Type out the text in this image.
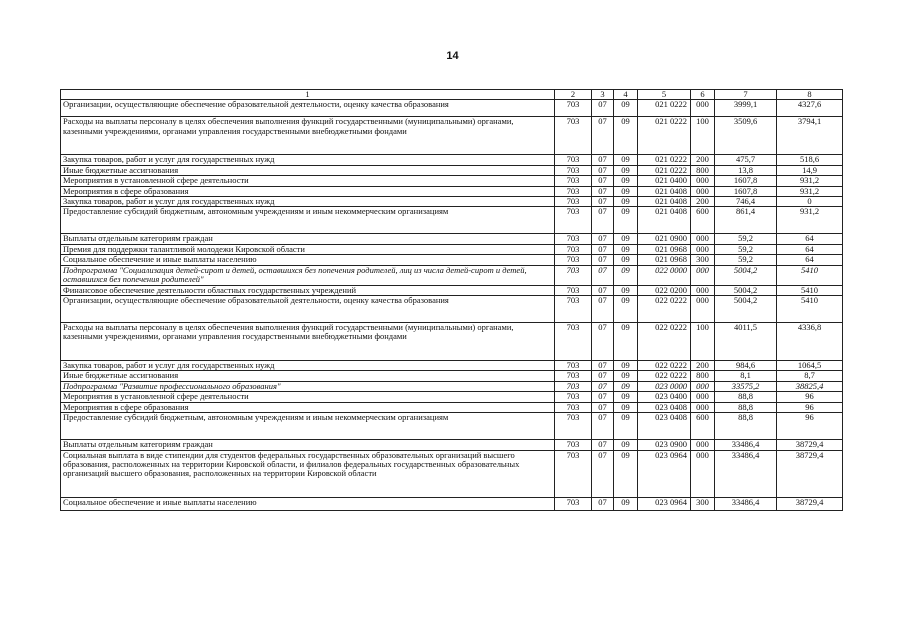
14
1	2	3	4	5	6	7	8
Организации, осуществляющие обеспечение образовательной деятельности, оценку качества образования	703	07	09	021 0222	000	3999,1	4327,6
Расходы на выплаты персоналу в целях обеспечения выполнения функций государственными (муниципальными) органами, казенными учреждениями, органами управления государственными внебюджетными фондами	703	07	09	021 0222	100	3509,6	3794,1
Закупка товаров, работ и услуг для государственных нужд	703	07	09	021 0222	200	475,7	518,6
Иные бюджетные ассигнования	703	07	09	021 0222	800	13,8	14,9
Мероприятия в установленной сфере деятельности	703	07	09	021 0400	000	1607,8	931,2
Мероприятия в сфере образования	703	07	09	021 0408	000	1607,8	931,2
Закупка товаров, работ и услуг для государственных нужд	703	07	09	021 0408	200	746,4	0
Предоставление субсидий бюджетным, автономным учреждениям и иным некоммерческим организациям	703	07	09	021 0408	600	861,4	931,2
Выплаты отдельным категориям граждан	703	07	09	021 0900	000	59,2	64
Премия для поддержки талантливой молодежи Кировской области	703	07	09	021 0968	000	59,2	64
Социальное обеспечение и иные выплаты населению	703	07	09	021 0968	300	59,2	64
Подпрограмма "Социализация детей-сирот и детей, оставшихся без попечения родителей, лиц из числа детей-сирот и детей, оставшихся без попечения родителей"	703	07	09	022 0000	000	5004,2	5410
Финансовое обеспечение деятельности областных государственных учреждений	703	07	09	022 0200	000	5004,2	5410
Организации, осуществляющие обеспечение образовательной деятельности, оценку качества образования	703	07	09	022 0222	000	5004,2	5410
Расходы на выплаты персоналу в целях обеспечения выполнения функций государственными (муниципальными) органами, казенными учреждениями, органами управления государственными внебюджетными фондами	703	07	09	022 0222	100	4011,5	4336,8
Закупка товаров, работ и услуг для государственных нужд	703	07	09	022 0222	200	984,6	1064,5
Иные бюджетные ассигнования	703	07	09	022 0222	800	8,1	8,7
Подпрограмма "Развитие профессионального образования"	703	07	09	023 0000	000	33575,2	38825,4
Мероприятия в установленной сфере деятельности	703	07	09	023 0400	000	88,8	96
Мероприятия в сфере образования	703	07	09	023 0408	000	88,8	96
Предоставление субсидий бюджетным, автономным учреждениям и иным некоммерческим организациям	703	07	09	023 0408	600	88,8	96
Выплаты отдельным категориям граждан	703	07	09	023 0900	000	33486,4	38729,4
Социальная выплата в виде стипендии для студентов федеральных государственных образовательных организаций высшего образования, расположенных на территории Кировской области, и филиалов федеральных государственных образовательных организаций высшего образования, расположенных на территории Кировской области	703	07	09	023 0964	000	33486,4	38729,4
Социальное обеспечение и иные выплаты населению	703	07	09	023 0964	300	33486,4	38729,4
